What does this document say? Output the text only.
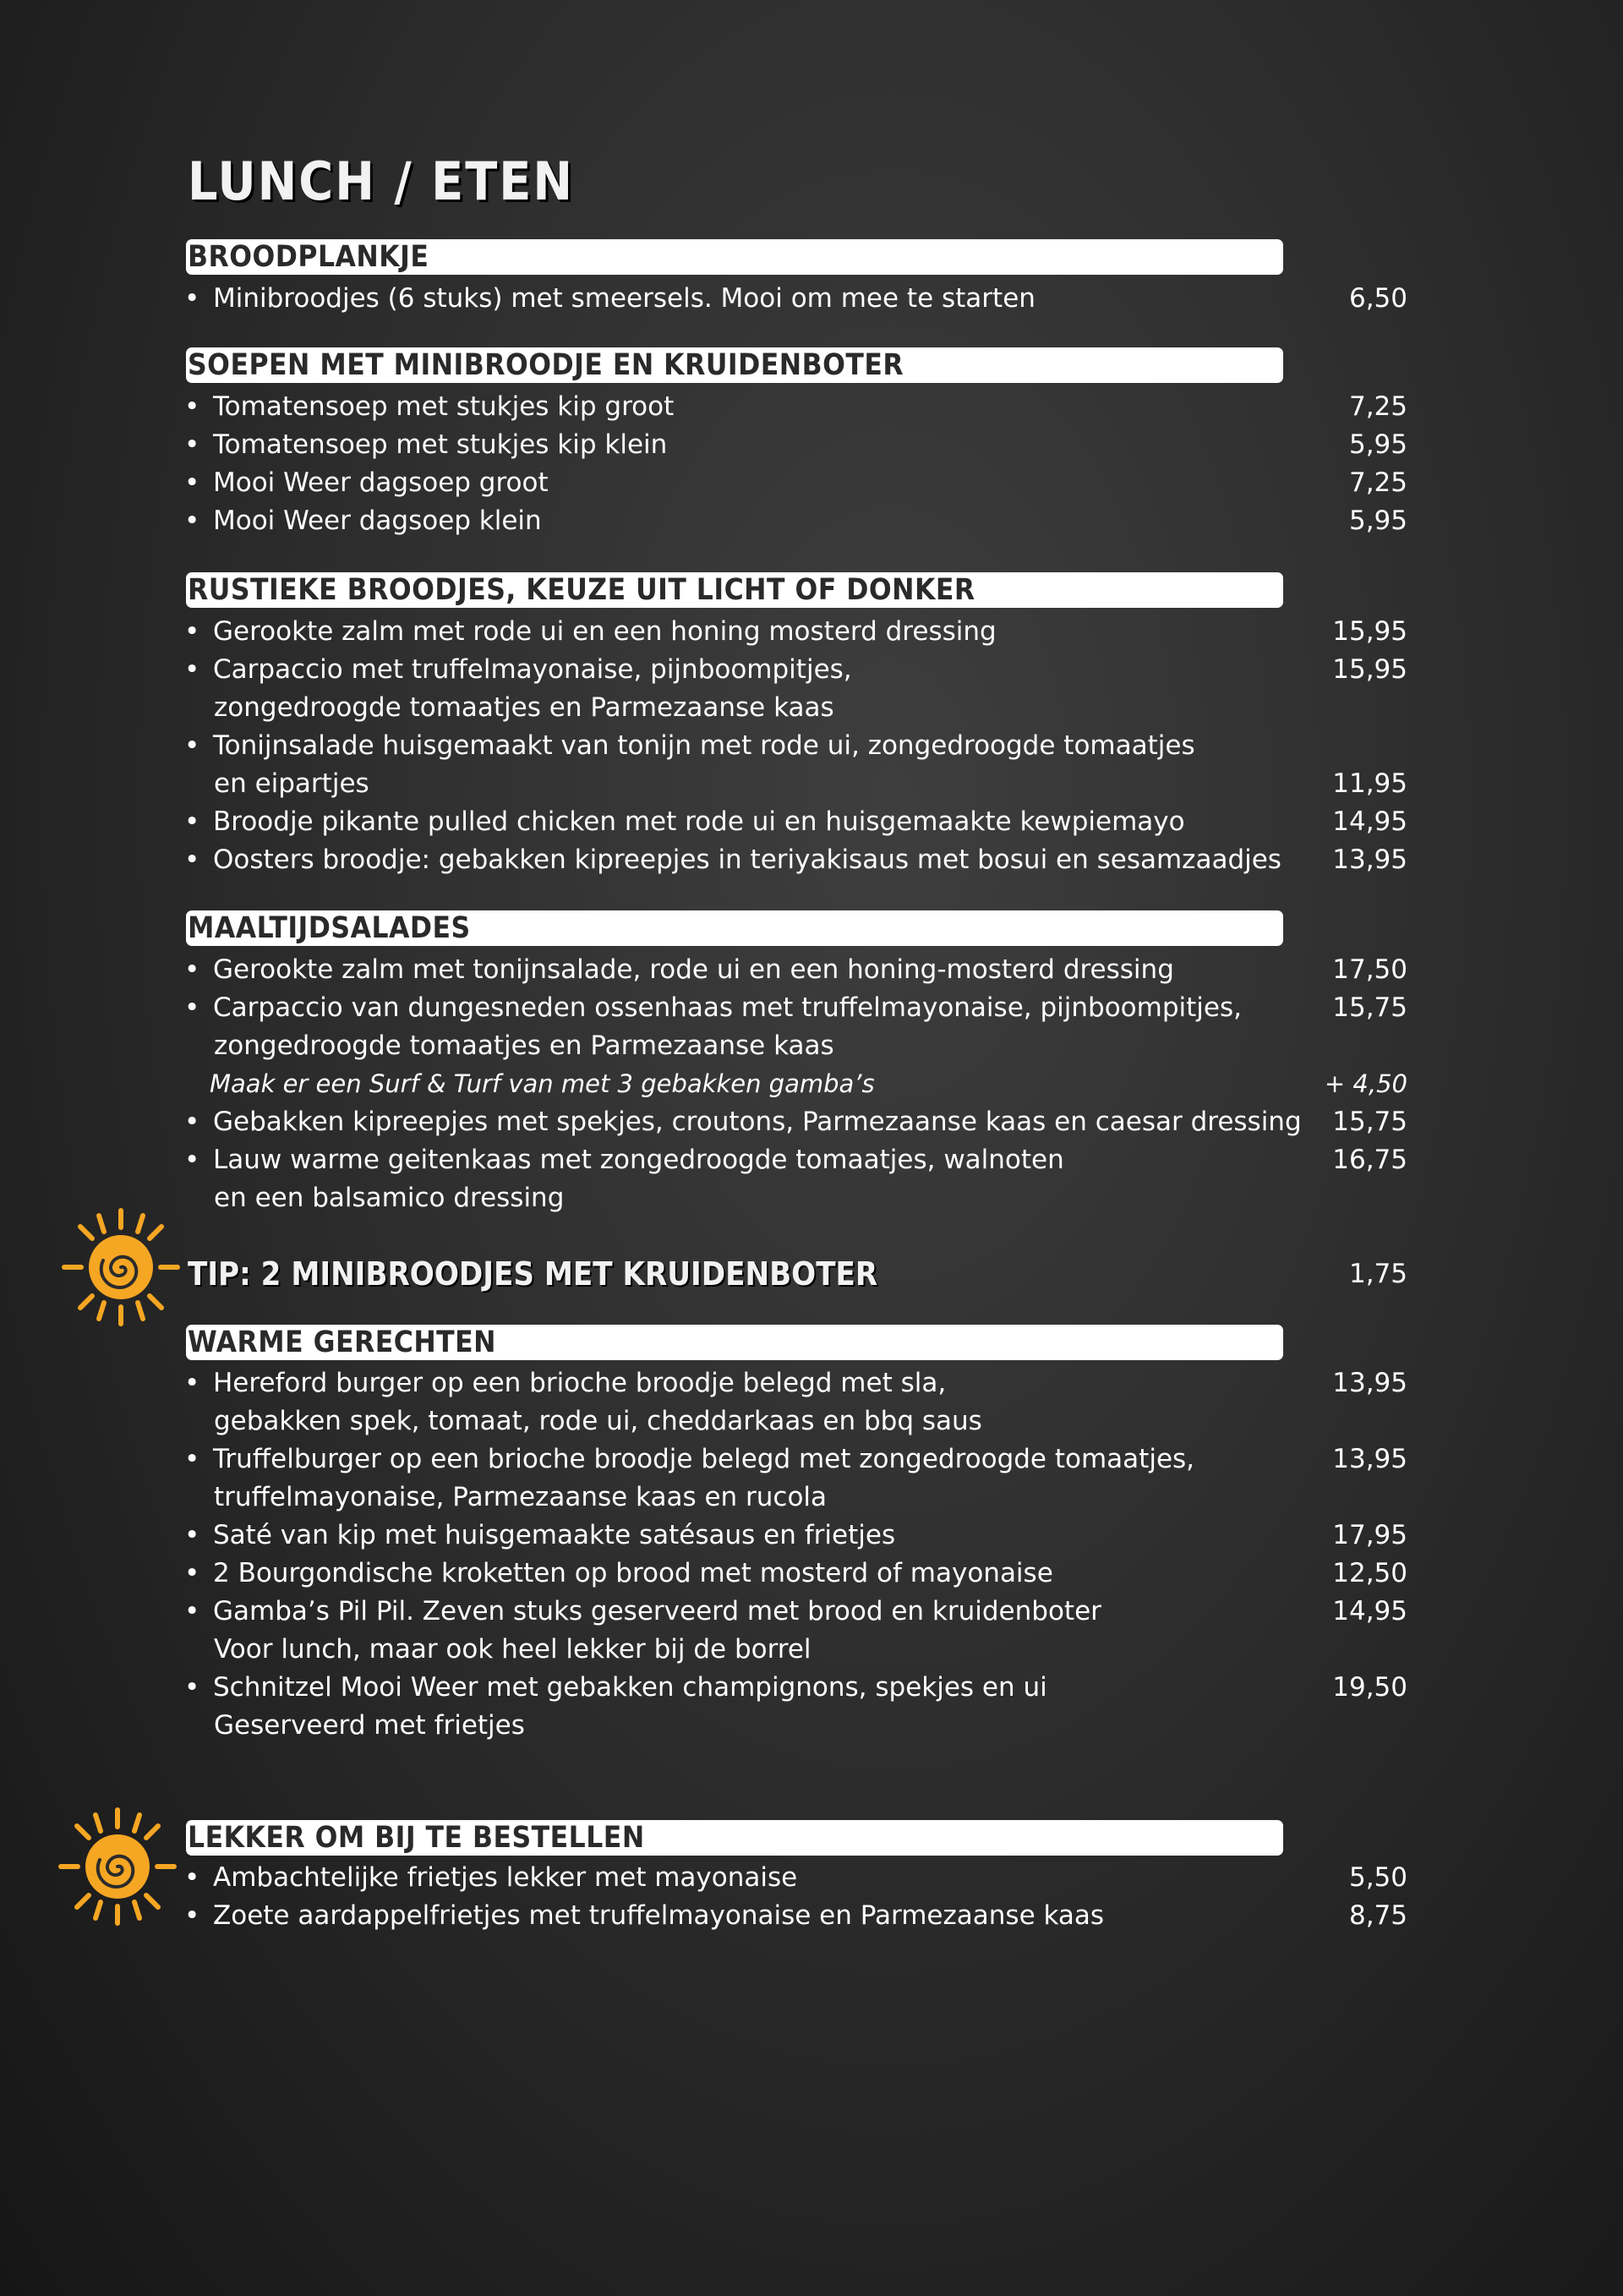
LUNCH / ETEN
BROODPLANKJE
• Minibroodjes (6 stuks) met smeersels. Mooi om mee te starten	6,50
SOEPEN MET MINIBROODJE EN KRUIDENBOTER
• Tomatensoep met stukjes kip groot	7,25
• Tomatensoep met stukjes kip klein	5,95
• Mooi Weer dagsoep groot	7,25
• Mooi Weer dagsoep klein	5,95
RUSTIEKE BROODJES, KEUZE UIT LICHT OF DONKER
• Gerookte zalm met rode ui en een honing mosterd dressing	15,95
• Carpaccio met truffelmayonaise, pijnboompitjes,	15,95
zongedroogde tomaatjes en Parmezaanse kaas
• Tonijnsalade huisgemaakt van tonijn met rode ui, zongedroogde tomaatjes
en eipartjes	11,95
• Broodje pikante pulled chicken met rode ui en huisgemaakte kewpiemayo	14,95
• Oosters broodje: gebakken kipreepjes in teriyakisaus met bosui en sesamzaadjes 13,95
MAALTIJDSALADES
• Gerookte zalm met tonijnsalade, rode ui en een honing-mosterd dressing	17,50
• Carpaccio van dungesneden ossenhaas met truffelmayonaise, pijnboompitjes,	15,75
zongedroogde tomaatjes en Parmezaanse kaas
Maak er een Surf & Turf van met 3 gebakken gamba’s	+ 4,50
• Gebakken kipreepjes met spekjes, croutons, Parmezaanse kaas en caesar dressing 15,75
• Lauw warme geitenkaas met zongedroogde tomaatjes, walnoten	16,75
en een balsamico dressing
TIP: 2 MINIBROODJES MET KRUIDENBOTER	1,75
WARME GERECHTEN
• Hereford burger op een brioche broodje belegd met sla,	13,95
gebakken spek, tomaat, rode ui, cheddarkaas en bbq saus
• Truffelburger op een brioche broodje belegd met zongedroogde tomaatjes,	13,95
truffelmayonaise, Parmezaanse kaas en rucola
• Saté van kip met huisgemaakte satésaus en frietjes	17,95
• 2 Bourgondische kroketten op brood met mosterd of mayonaise	12,50
• Gamba’s Pil Pil. Zeven stuks geserveerd met brood en kruidenboter	14,95
Voor lunch, maar ook heel lekker bij de borrel
• Schnitzel Mooi Weer met gebakken champignons, spekjes en ui	19,50
Geserveerd met frietjes
LEKKER OM BIJ TE BESTELLEN
• Ambachtelijke frietjes lekker met mayonaise	5,50
• Zoete aardappelfrietjes met truffelmayonaise en Parmezaanse kaas	8,75
